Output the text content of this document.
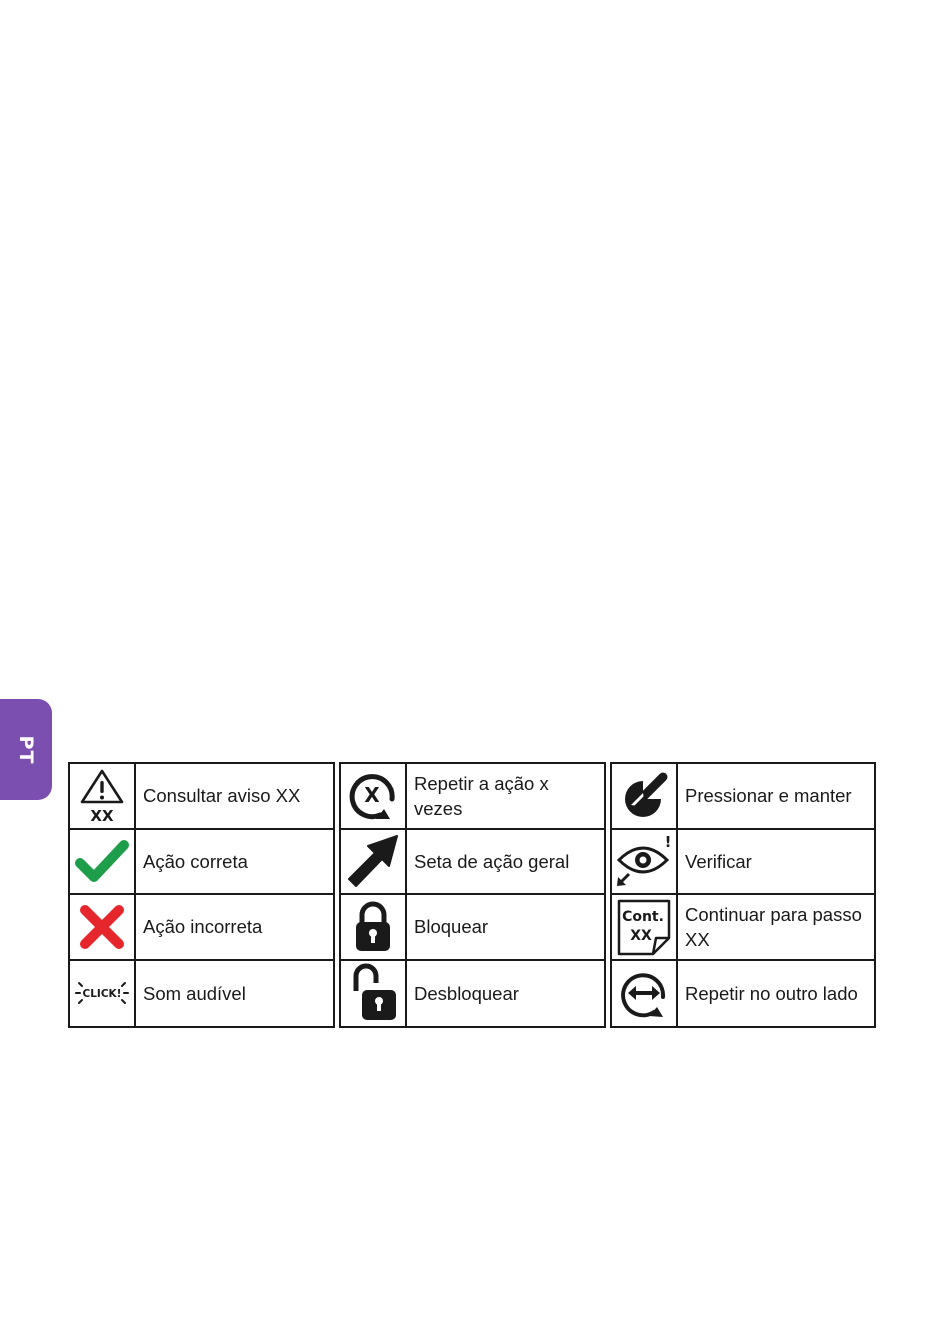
PT
XX
Consultar aviso XX
Ação correta
Ação incorreta
CLICK!	Som audível
X	Repetir a ação x vezes
Seta de ação geral
Bloquear
Desbloquear
Pressionar e manter
!
Verificar
Cont.
XX
Continuar para passo XX
Repetir no outro lado
